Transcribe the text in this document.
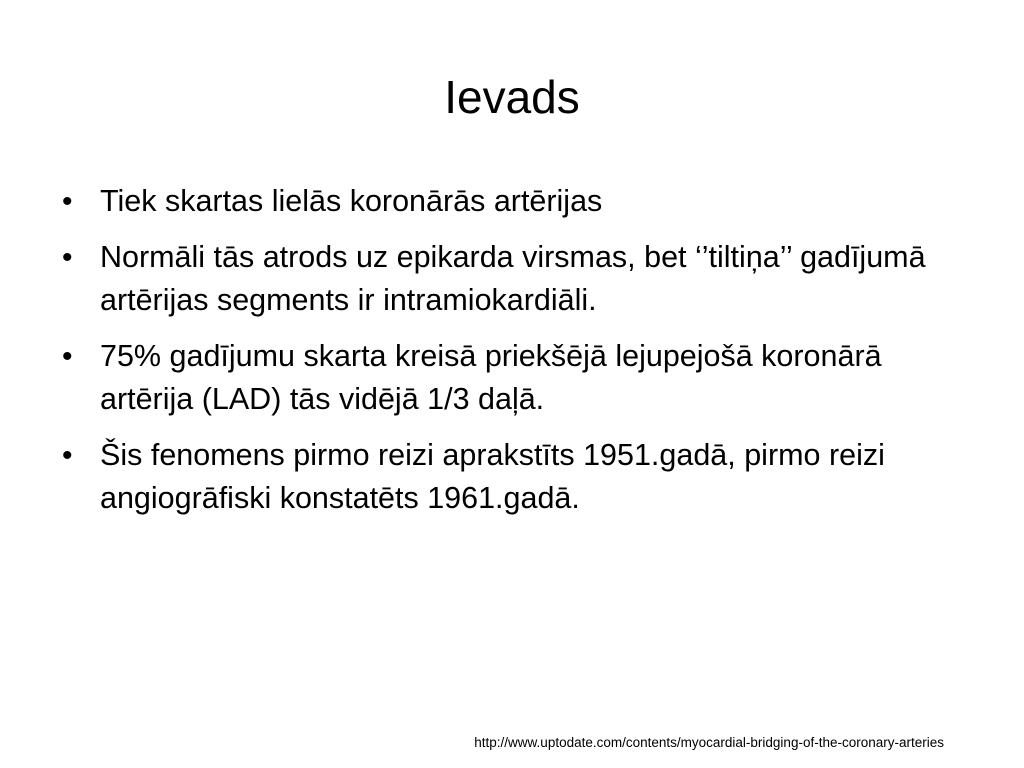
Ievads
• Tiek skartas lielās koronārās artērijas
• Normāli tās atrods uz epikarda virsmas, bet ‘’tiltiņa’’ gadījumā artērijas segments ir intramiokardiāli.
• 75% gadījumu skarta kreisā priekšējā lejupejošā koronārā artērija (LAD) tās vidējā 1/3 daļā.
• Šis fenomens pirmo reizi aprakstīts 1951.gadā, pirmo reizi angiogrāfiski konstatēts 1961.gadā.
http://www.uptodate.com/contents/myocardial-bridging-of-the-coronary-arteries
